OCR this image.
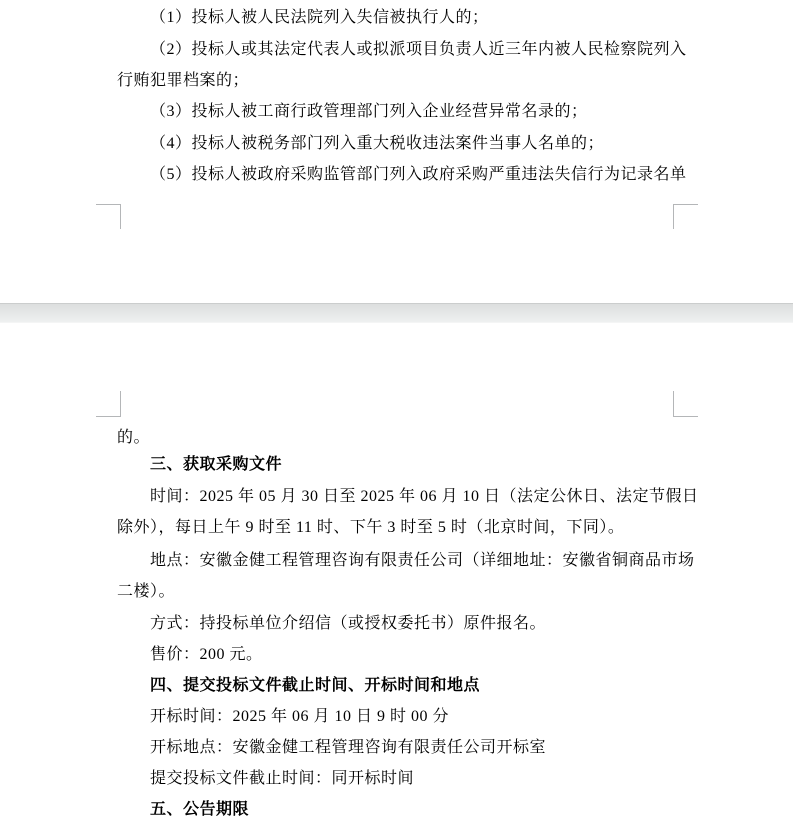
（1）投标人被人民法院列入失信被执行人的；
（2）投标人或其法定代表人或拟派项目负责人近三年内被人民检察院列入
行贿犯罪档案的；
（3）投标人被工商行政管理部门列入企业经营异常名录的；
（4）投标人被税务部门列入重大税收违法案件当事人名单的；
（5）投标人被政府采购监管部门列入政府采购严重违法失信行为记录名单
的。
三、获取采购文件
时间：2025 年 05 月 30 日至 2025 年 06 月 10 日（法定公休日、法定节假日
除外），每日上午 9 时至 11 时、下午 3 时至 5 时（北京时间，下同）。
地点：安徽金健工程管理咨询有限责任公司（详细地址：安徽省铜商品市场
二楼）。
方式：持投标单位介绍信（或授权委托书）原件报名。
售价：200 元。
四、提交投标文件截止时间、开标时间和地点
开标时间：2025 年 06 月 10 日 9 时 00 分
开标地点：安徽金健工程管理咨询有限责任公司开标室
提交投标文件截止时间：同开标时间
五、公告期限
